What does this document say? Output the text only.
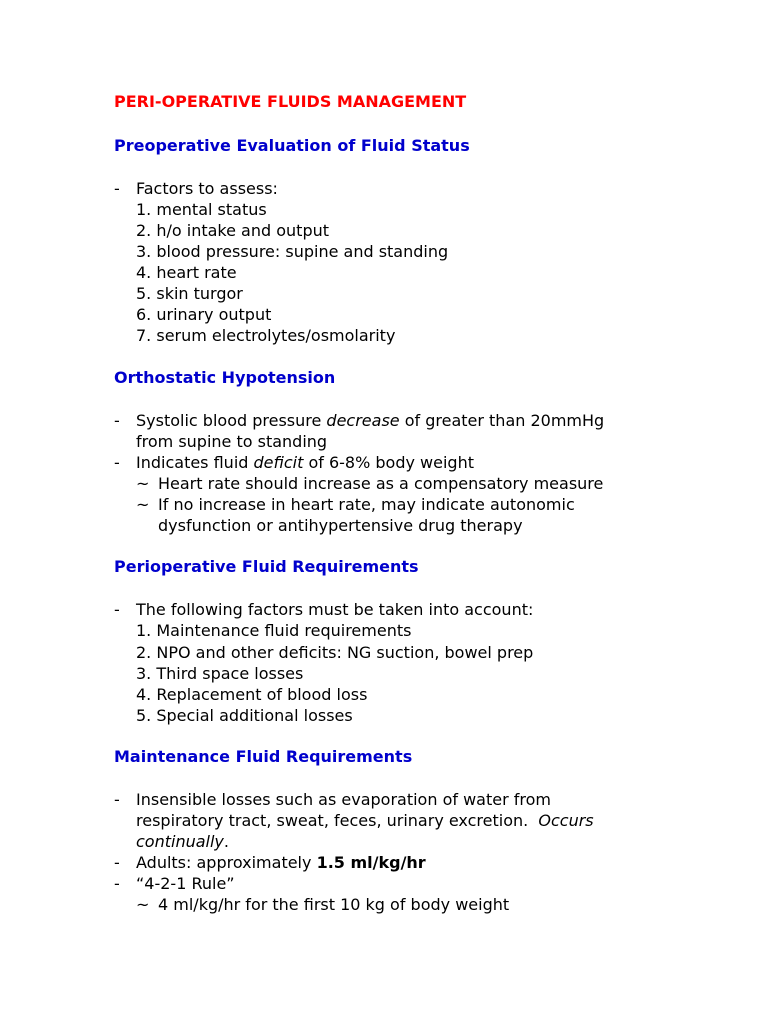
PERI-OPERATIVE FLUIDS MANAGEMENT
Preoperative Evaluation of Fluid Status
- Factors to assess:
1. mental status
2. h/o intake and output
3. blood pressure: supine and standing
4. heart rate
5. skin turgor
6. urinary output
7. serum electrolytes/osmolarity
Orthostatic Hypotension
- Systolic blood pressure decrease of greater than 20mmHg
from supine to standing
- Indicates fluid deficit of 6-8% body weight
~ Heart rate should increase as a compensatory measure
~ If no increase in heart rate, may indicate autonomic
dysfunction or antihypertensive drug therapy
Perioperative Fluid Requirements
- The following factors must be taken into account:
1. Maintenance fluid requirements
2. NPO and other deficits: NG suction, bowel prep
3. Third space losses
4. Replacement of blood loss
5. Special additional losses
Maintenance Fluid Requirements
- Insensible losses such as evaporation of water from
respiratory tract, sweat, feces, urinary excretion.  Occurs
continually.
- Adults: approximately 1.5 ml/kg/hr
- “4-2-1 Rule”
~ 4 ml/kg/hr for the first 10 kg of body weight
